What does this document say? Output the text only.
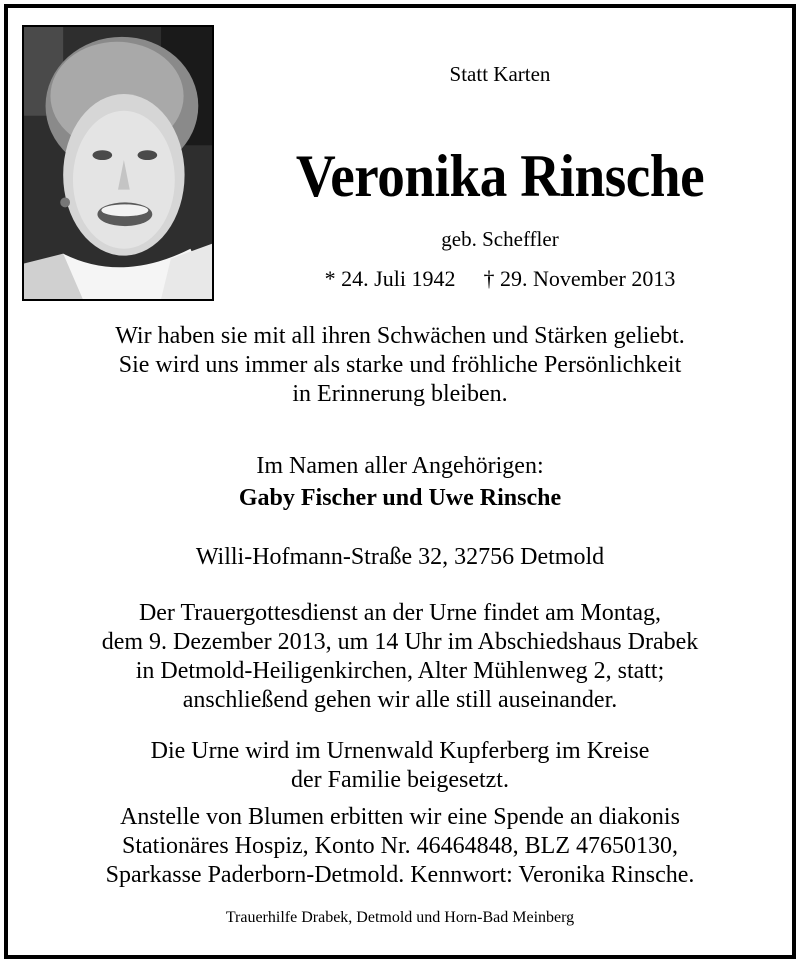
Statt Karten
Veronika Rinsche
geb. Scheffler
* 24. Juli 1942 † 29. November 2013
Wir haben sie mit all ihren Schwächen und Stärken geliebt.
Sie wird uns immer als starke und fröhliche Persönlichkeit
in Erinnerung bleiben.
Im Namen aller Angehörigen:
Gaby Fischer und Uwe Rinsche
Willi-Hofmann-Straße 32, 32756 Detmold
Der Trauergottesdienst an der Urne findet am Montag,
dem 9. Dezember 2013, um 14 Uhr im Abschiedshaus Drabek
in Detmold-Heiligenkirchen, Alter Mühlenweg 2, statt;
anschließend gehen wir alle still auseinander.
Die Urne wird im Urnenwald Kupferberg im Kreise
der Familie beigesetzt.
Anstelle von Blumen erbitten wir eine Spende an diakonis
Stationäres Hospiz, Konto Nr. 46464848, BLZ 47650130,
Sparkasse Paderborn-Detmold. Kennwort: Veronika Rinsche.
Trauerhilfe Drabek, Detmold und Horn-Bad Meinberg
